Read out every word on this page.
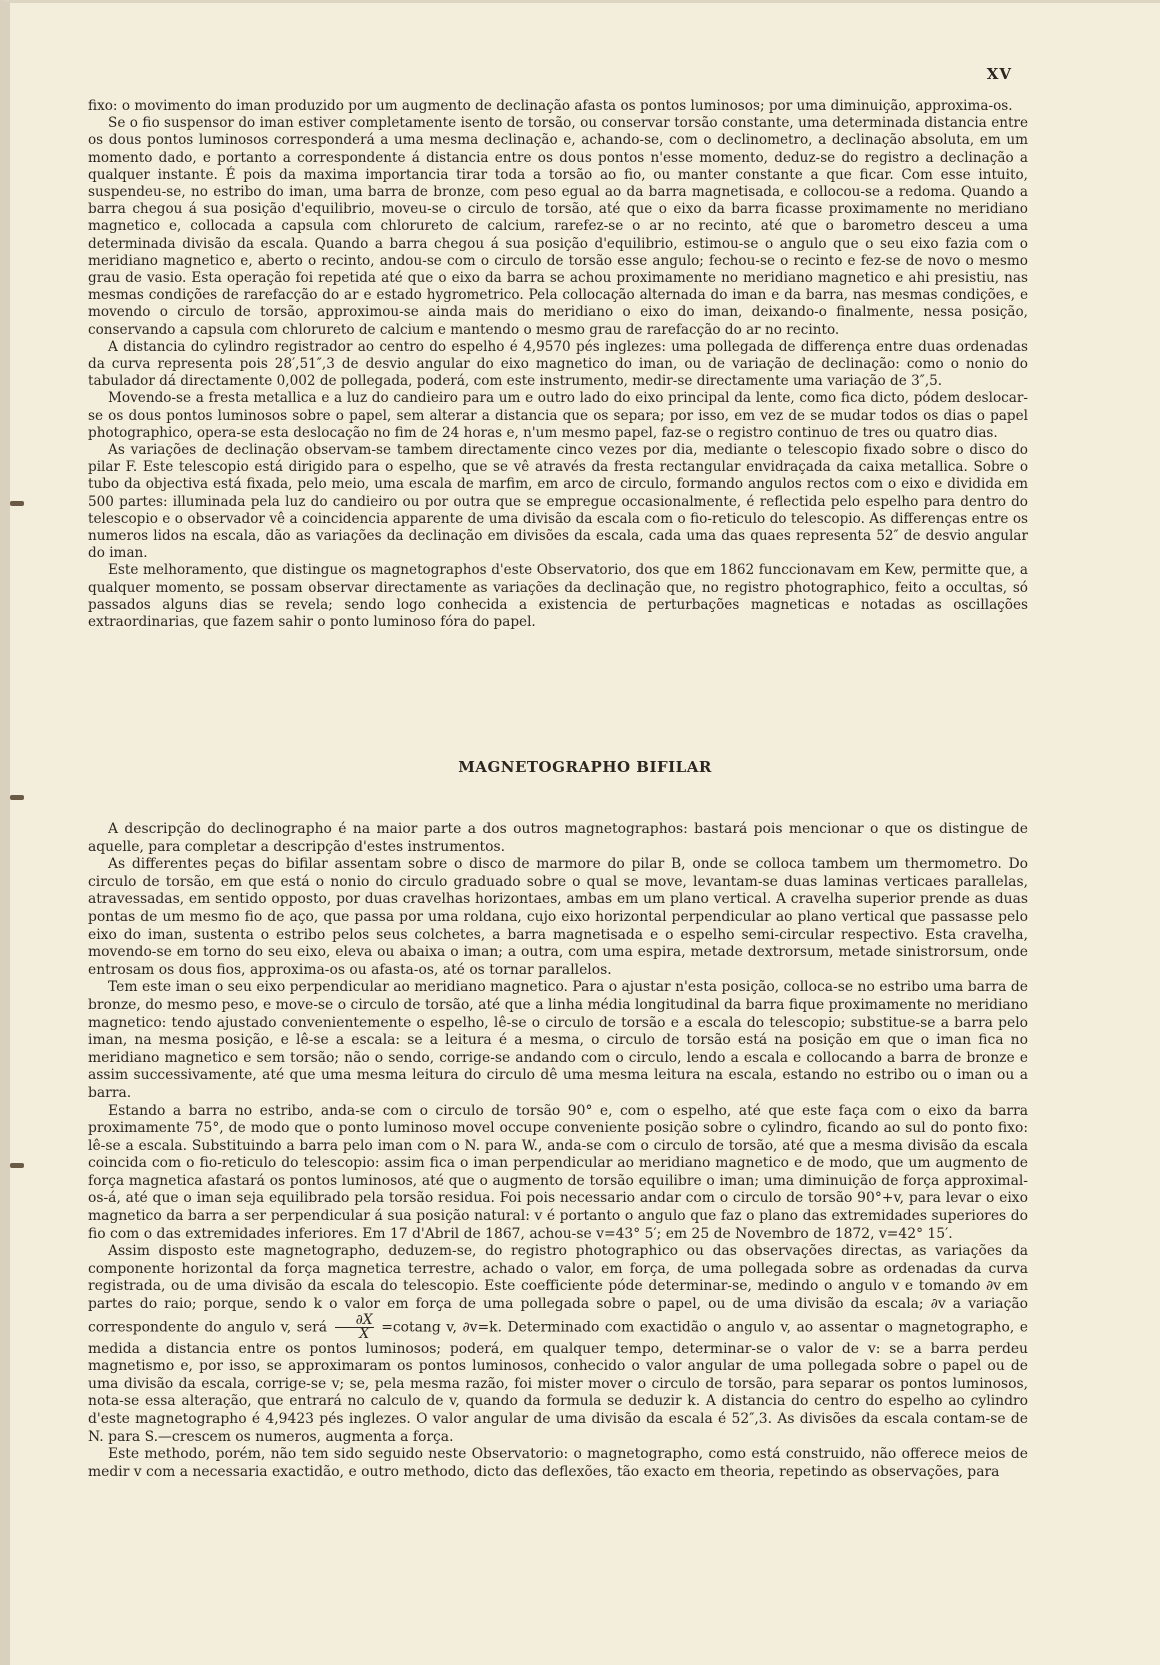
XV

fixo: o movimento do iman produzido por um augmento de declinação afasta os pontos luminosos; por uma diminuição, approxima-os.

Se o fio suspensor do iman estiver completamente isento de torsão, ou conservar torsão constante, uma determinada distancia entre os dous pontos luminosos corresponderá a uma mesma declinação e, achando-se, com o declinometro, a declinação absoluta, em um momento dado, e portanto a correspondente á distancia entre os dous pontos n'esse momento, deduz-se do registro a declinação a qualquer instante. É pois da maxima importancia tirar toda a torsão ao fio, ou manter constante a que ficar. Com esse intuito, suspendeu-se, no estribo do iman, uma barra de bronze, com peso egual ao da barra magnetisada, e collocou-se a redoma. Quando a barra chegou á sua posição d'equilibrio, moveu-se o circulo de torsão, até que o eixo da barra ficasse proximamente no meridiano magnetico e, collocada a capsula com chlorureto de calcium, rarefez-se o ar no recinto, até que o barometro desceu a uma determinada divisão da escala. Quando a barra chegou á sua posição d'equilibrio, estimou-se o angulo que o seu eixo fazia com o meridiano magnetico e, aberto o recinto, andou-se com o circulo de torsão esse angulo; fechou-se o recinto e fez-se de novo o mesmo grau de vasio. Esta operação foi repetida até que o eixo da barra se achou proximamente no meridiano magnetico e ahi presistiu, nas mesmas condições de rarefacção do ar e estado hygrometrico. Pela collocação alternada do iman e da barra, nas mesmas condições, e movendo o circulo de torsão, approximou-se ainda mais do meridiano o eixo do iman, deixando-o finalmente, nessa posição, conservando a capsula com chlorureto de calcium e mantendo o mesmo grau de rarefacção do ar no recinto.

A distancia do cylindro registrador ao centro do espelho é 4,9570 pés inglezes: uma pollegada de differença entre duas ordenadas da curva representa pois 28′,51″,3 de desvio angular do eixo magnetico do iman, ou de variação de declinação: como o nonio do tabulador dá directamente 0,002 de pollegada, poderá, com este instrumento, medir-se directamente uma variação de 3″,5.

Movendo-se a fresta metallica e a luz do candieiro para um e outro lado do eixo principal da lente, como fica dicto, pódem deslocar-se os dous pontos luminosos sobre o papel, sem alterar a distancia que os separa; por isso, em vez de se mudar todos os dias o papel photographico, opera-se esta deslocação no fim de 24 horas e, n'um mesmo papel, faz-se o registro continuo de tres ou quatro dias.

As variações de declinação observam-se tambem directamente cinco vezes por dia, mediante o telescopio fixado sobre o disco do pilar F. Este telescopio está dirigido para o espelho, que se vê através da fresta rectangular envidraçada da caixa metallica. Sobre o tubo da objectiva está fixada, pelo meio, uma escala de marfim, em arco de circulo, formando angulos rectos com o eixo e dividida em 500 partes: illuminada pela luz do candieiro ou por outra que se empregue occasionalmente, é reflectida pelo espelho para dentro do telescopio e o observador vê a coincidencia apparente de uma divisão da escala com o fio-reticulo do telescopio. As differenças entre os numeros lidos na escala, dão as variações da declinação em divisões da escala, cada uma das quaes representa 52″ de desvio angular do iman.

Este melhoramento, que distingue os magnetographos d'este Observatorio, dos que em 1862 funccionavam em Kew, permitte que, a qualquer momento, se possam observar directamente as variações da declinação que, no registro photographico, feito a occultas, só passados alguns dias se revela; sendo logo conhecida a existencia de perturbações magneticas e notadas as oscillações extraordinarias, que fazem sahir o ponto luminoso fóra do papel.

MAGNETOGRAPHO BIFILAR

A descripção do declinographo é na maior parte a dos outros magnetographos: bastará pois mencionar o que os distingue de aquelle, para completar a descripção d'estes instrumentos.

As differentes peças do bifilar assentam sobre o disco de marmore do pilar B, onde se colloca tambem um thermometro. Do circulo de torsão, em que está o nonio do circulo graduado sobre o qual se move, levantam-se duas laminas verticaes parallelas, atravessadas, em sentido opposto, por duas cravelhas horizontaes, ambas em um plano vertical. A cravelha superior prende as duas pontas de um mesmo fio de aço, que passa por uma roldana, cujo eixo horizontal perpendicular ao plano vertical que passasse pelo eixo do iman, sustenta o estribo pelos seus colchetes, a barra magnetisada e o espelho semi-circular respectivo. Esta cravelha, movendo-se em torno do seu eixo, eleva ou abaixa o iman; a outra, com uma espira, metade dextrorsum, metade sinistrorsum, onde entrosam os dous fios, approxima-os ou afasta-os, até os tornar parallelos.

Tem este iman o seu eixo perpendicular ao meridiano magnetico. Para o ajustar n'esta posição, colloca-se no estribo uma barra de bronze, do mesmo peso, e move-se o circulo de torsão, até que a linha média longitudinal da barra fique proximamente no meridiano magnetico: tendo ajustado convenientemente o espelho, lê-se o circulo de torsão e a escala do telescopio; substitue-se a barra pelo iman, na mesma posição, e lê-se a escala: se a leitura é a mesma, o circulo de torsão está na posição em que o iman fica no meridiano magnetico e sem torsão; não o sendo, corrige-se andando com o circulo, lendo a escala e collocando a barra de bronze e assim successivamente, até que uma mesma leitura do circulo dê uma mesma leitura na escala, estando no estribo ou o iman ou a barra.

Estando a barra no estribo, anda-se com o circulo de torsão 90° e, com o espelho, até que este faça com o eixo da barra proximamente 75°, de modo que o ponto luminoso movel occupe conveniente posição sobre o cylindro, ficando ao sul do ponto fixo: lê-se a escala. Substituindo a barra pelo iman com o N. para W., anda-se com o circulo de torsão, até que a mesma divisão da escala coincida com o fio-reticulo do telescopio: assim fica o iman perpendicular ao meridiano magnetico e de modo, que um augmento de força magnetica afastará os pontos luminosos, até que o augmento de torsão equilibre o iman; uma diminuição de força approximal-os-á, até que o iman seja equilibrado pela torsão residua. Foi pois necessario andar com o circulo de torsão 90°+v, para levar o eixo magnetico da barra a ser perpendicular á sua posição natural: v é portanto o angulo que faz o plano das extremidades superiores do fio com o das extremidades inferiores. Em 17 d'Abril de 1867, achou-se v=43° 5′; em 25 de Novembro de 1872, v=42° 15′.

Assim disposto este magnetographo, deduzem-se, do registro photographico ou das observações directas, as variações da componente horizontal da força magnetica terrestre, achado o valor, em força, de uma pollegada sobre as ordenadas da curva registrada, ou de uma divisão da escala do telescopio. Este coefficiente póde determinar-se, medindo o angulo v e tomando ∂v em partes do raio; porque, sendo k o valor em força de uma pollegada sobre o papel, ou de uma divisão da escala; ∂v a variação correspondente do angulo v, será $\frac{\partial X}{X} =cotang$ v, ∂v=k. Determinado com exactidão o angulo v, ao assentar o magnetographo, e medida a distancia entre os pontos luminosos; poderá, em qualquer tempo, determinar-se o valor de v: se a barra perdeu magnetismo e, por isso, se approximaram os pontos luminosos, conhecido o valor angular de uma pollegada sobre o papel ou de uma divisão da escala, corrige-se v; se, pela mesma razão, foi mister mover o circulo de torsão, para separar os pontos luminosos, nota-se essa alteração, que entrará no calculo de v, quando da formula se deduzir k. A distancia do centro do espelho ao cylindro d'este magnetographo é 4,9423 pés inglezes. O valor angular de uma divisão da escala é 52″,3. As divisões da escala contam-se de N. para S.—crescem os numeros, augmenta a força.

Este methodo, porém, não tem sido seguido neste Observatorio: o magnetographo, como está construido, não offerece meios de medir v com a necessaria exactidão, e outro methodo, dicto das deflexões, tão exacto em theoria, repetindo as observações, para
